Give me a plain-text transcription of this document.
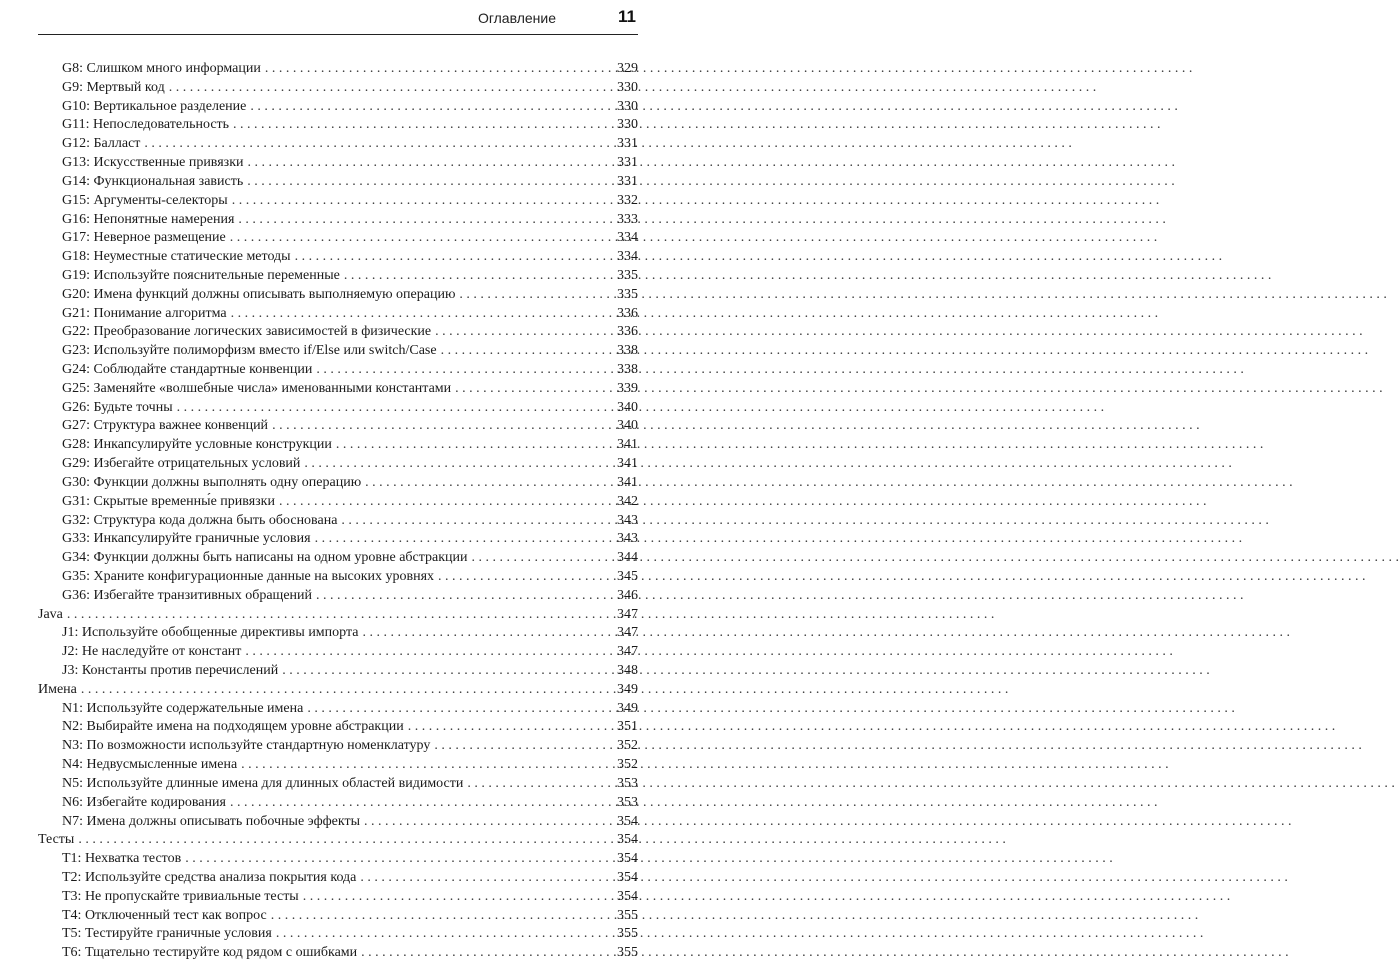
Оглавление	11
G8: Слишком много информации . . .	329
G9: Мертвый код . . .	330
G10: Вертикальное разделение . . .	330
G11: Непоследовательность . . .	330
G12: Балласт . . .	331
G13: Искусственные привязки . . .	331
G14: Функциональная зависть . . .	331
G15: Аргументы-селекторы . . .	332
G16: Непонятные намерения . . .	333
G17: Неверное размещение . . .	334
G18: Неуместные статические методы . . .	334
G19: Используйте пояснительные переменные . . .	335
G20: Имена функций должны описывать выполняемую операцию . . .	335
G21: Понимание алгоритма . . .	336
G22: Преобразование логических зависимостей в физические . . .	336
G23: Используйте полиморфизм вместо if/Else или switch/Case . . .	338
G24: Соблюдайте стандартные конвенции . . .	338
G25: Заменяйте «волшебные числа» именованными константами . . .	339
G26: Будьте точны . . .	340
G27: Структура важнее конвенций . . .	340
G28: Инкапсулируйте условные конструкции . . .	341
G29: Избегайте отрицательных условий . . .	341
G30: Функции должны выполнять одну операцию . . .	341
G31: Скрытые временны́е привязки . . .	342
G32: Структура кода должна быть обоснована . . .	343
G33: Инкапсулируйте граничные условия . . .	343
G34: Функции должны быть написаны на одном уровне абстракции . . .	344
G35: Храните конфигурационные данные на высоких уровнях . . .	345
G36: Избегайте транзитивных обращений . . .	346
Java . . .	347
J1: Используйте обобщенные директивы импорта . . .	347
J2: Не наследуйте от констант . . .	347
J3: Константы против перечислений . . .	348
Имена . . .	349
N1: Используйте содержательные имена . . .	349
N2: Выбирайте имена на подходящем уровне абстракции . . .	351
N3: По возможности используйте стандартную номенклатуру . . .	352
N4: Недвусмысленные имена . . .	352
N5: Используйте длинные имена для длинных областей видимости . . .	353
N6: Избегайте кодирования . . .	353
N7: Имена должны описывать побочные эффекты . . .	354
Тесты . . .	354
T1: Нехватка тестов . . .	354
T2: Используйте средства анализа покрытия кода . . .	354
T3: Не пропускайте тривиальные тесты . . .	354
T4: Отключенный тест как вопрос . . .	355
T5: Тестируйте граничные условия . . .	355
T6: Тщательно тестируйте код рядом с ошибками . . .	355
